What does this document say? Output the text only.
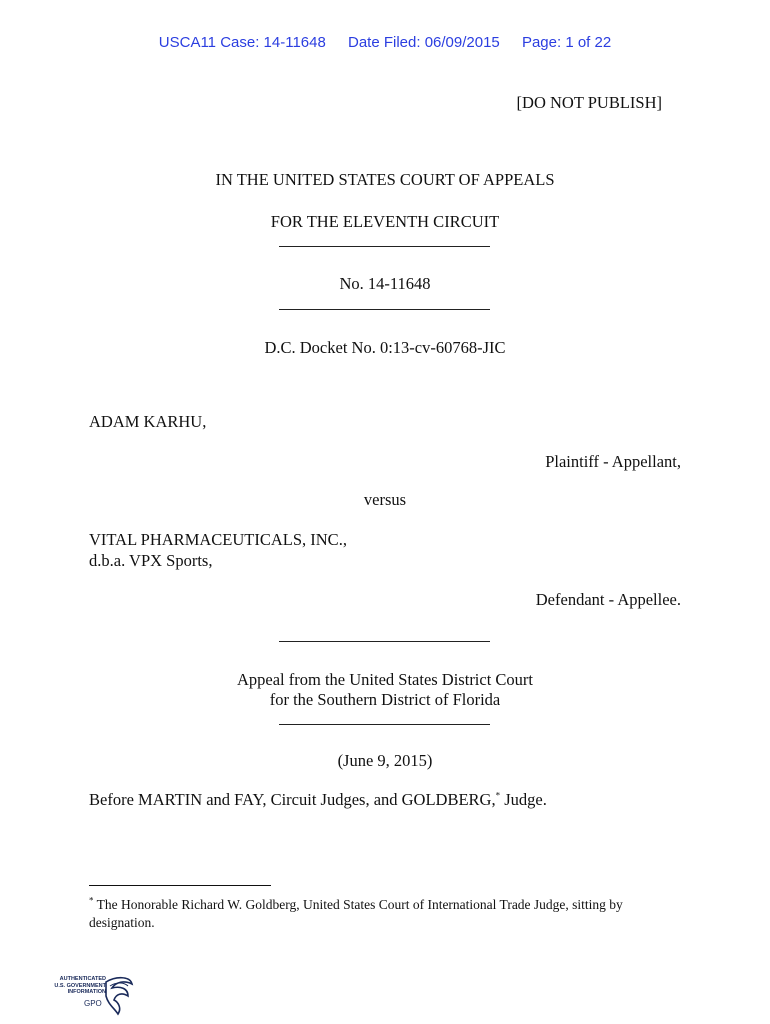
USCA11 Case: 14-11648 Date Filed: 06/09/2015 Page: 1 of 22
[DO NOT PUBLISH]
IN THE UNITED STATES COURT OF APPEALS
FOR THE ELEVENTH CIRCUIT
No. 14-11648
D.C. Docket No. 0:13-cv-60768-JIC
ADAM KARHU,
Plaintiff - Appellant,
versus
VITAL PHARMACEUTICALS, INC.,
d.b.a. VPX Sports,
Defendant - Appellee.
Appeal from the United States District Court
for the Southern District of Florida
(June 9, 2015)
Before MARTIN and FAY, Circuit Judges, and GOLDBERG,* Judge.
* The Honorable Richard W. Goldberg, United States Court of International Trade Judge, sitting by designation.
AUTHENTICATED
U.S. GOVERNMENT
INFORMATION
GPO
